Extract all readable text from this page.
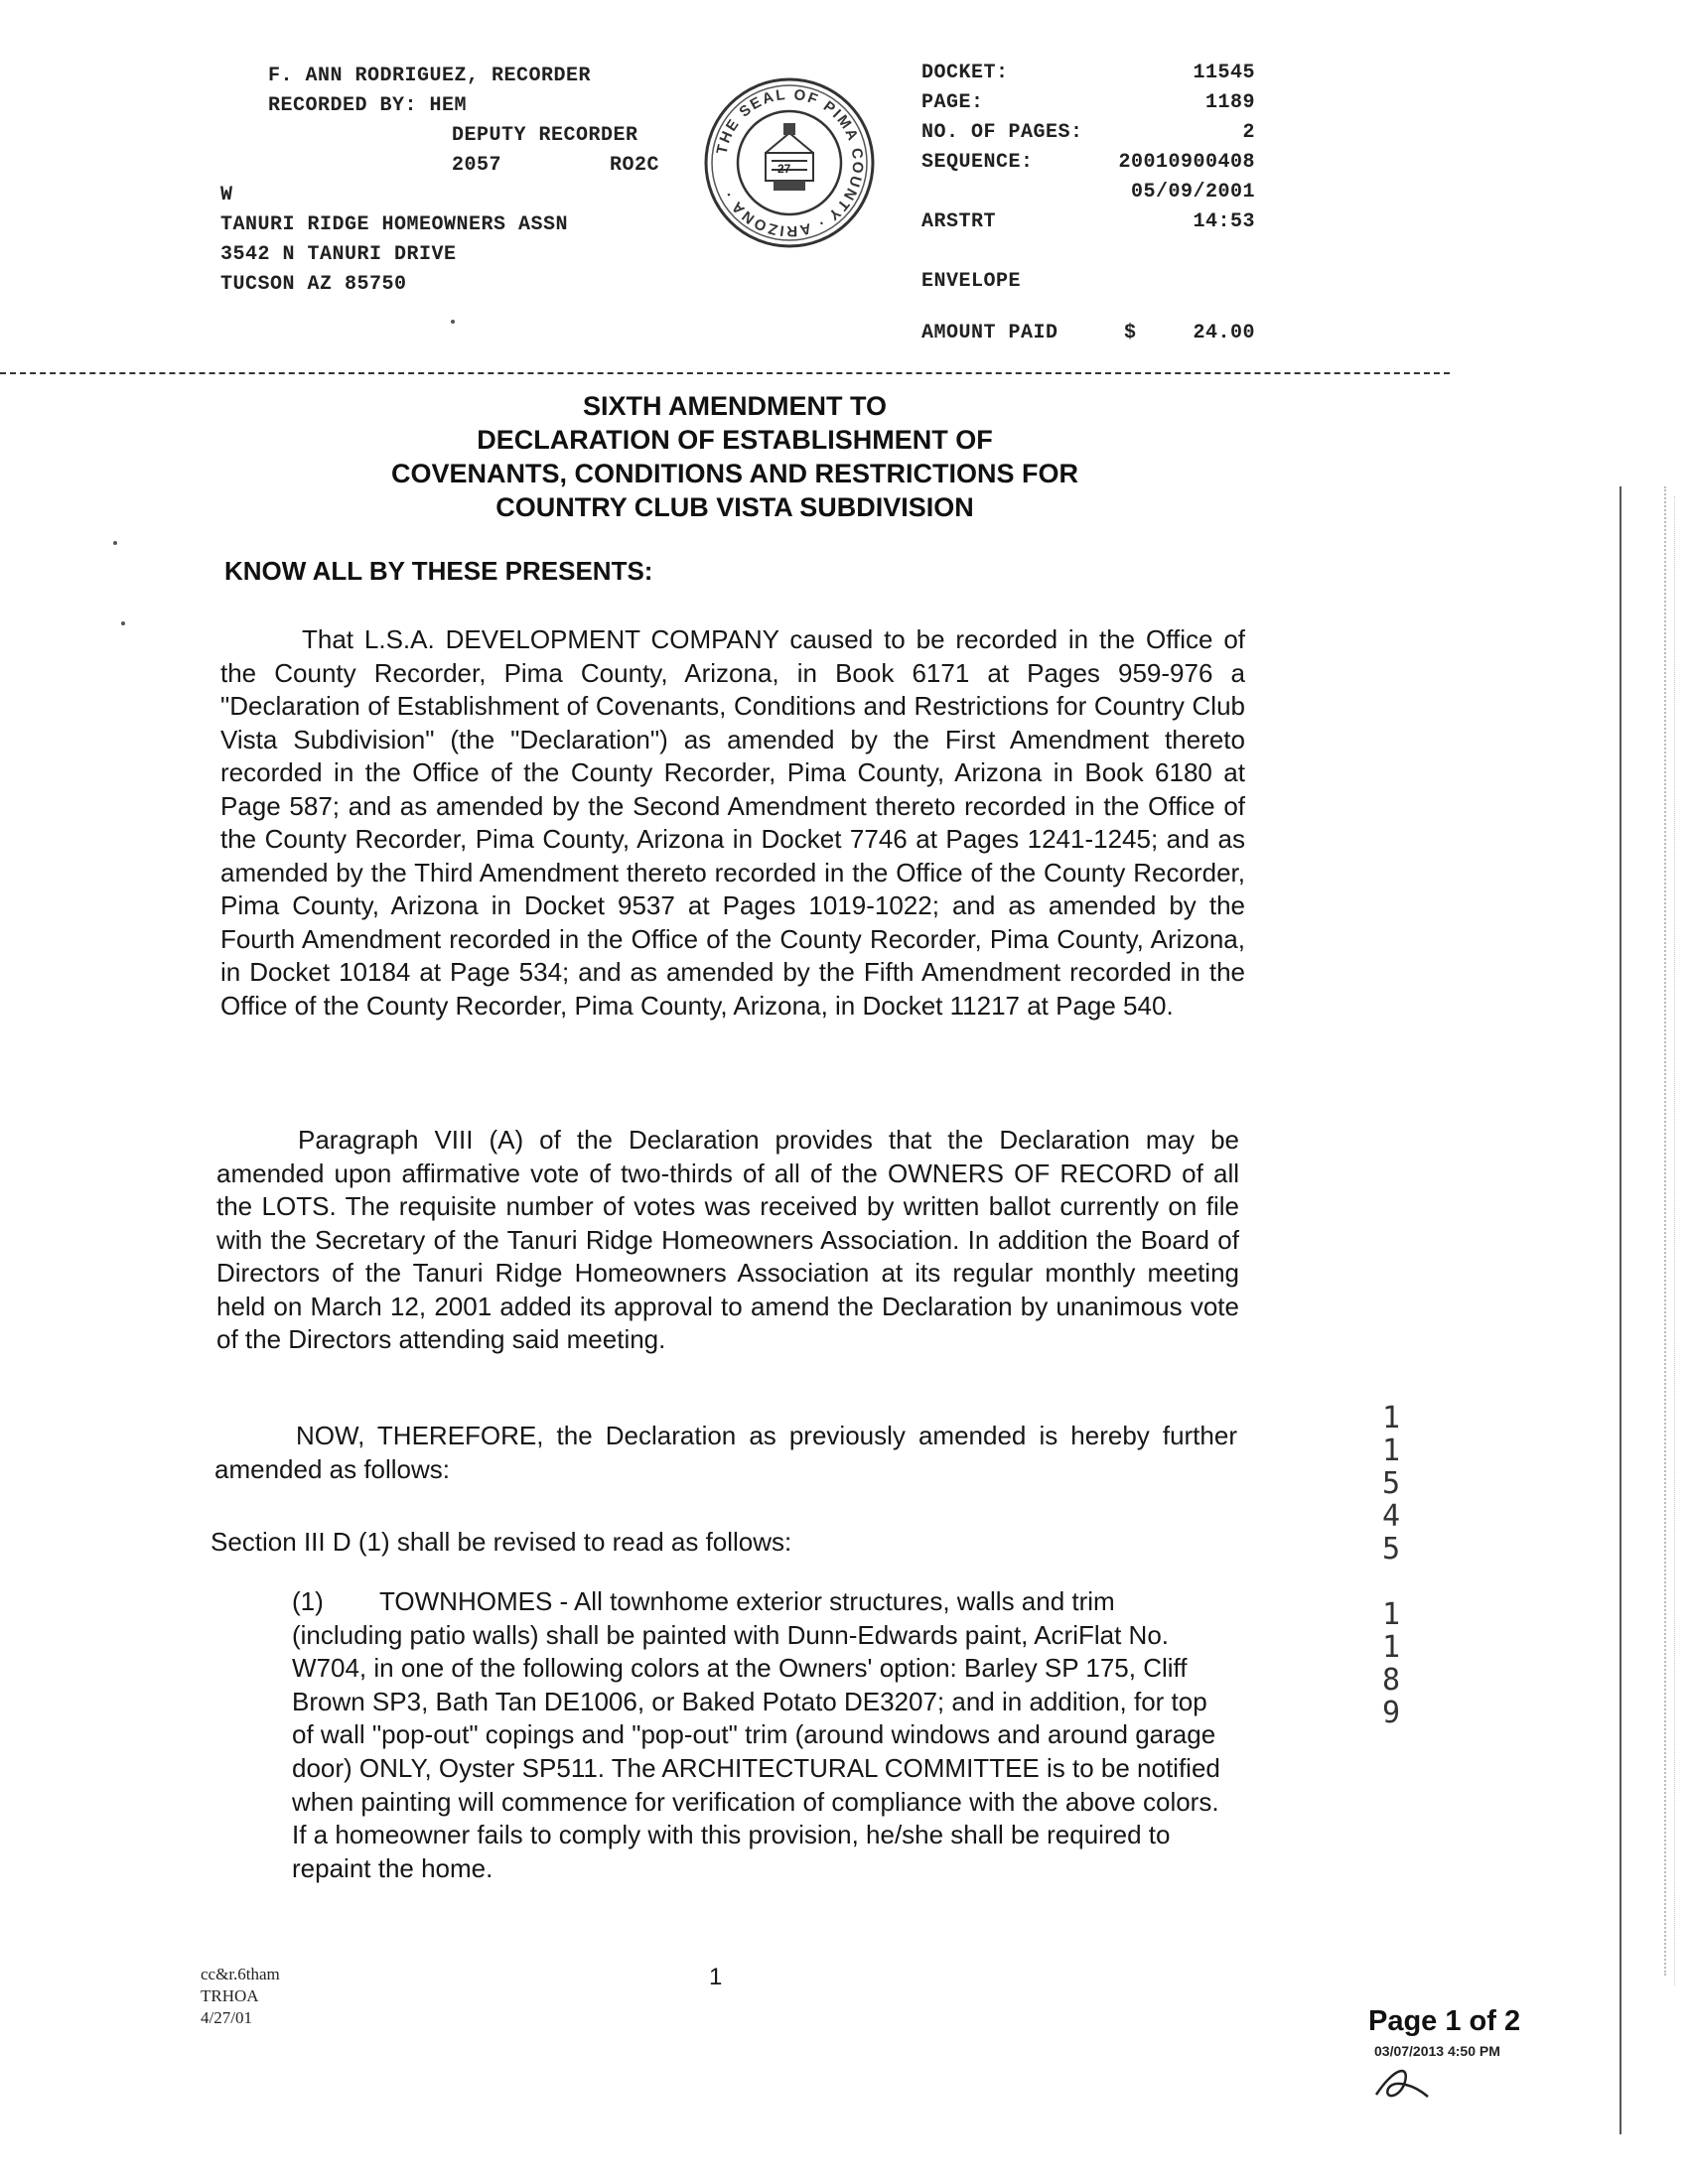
F. ANN RODRIGUEZ, RECORDER
RECORDED BY: HEM
DEPUTY RECORDER
2057	RO2C
W
TANURI RIDGE HOMEOWNERS ASSN
3542 N TANURI DRIVE
TUCSON AZ 85750
THE SEAL OF PIMA COUNTY · ARIZONA ·
27
DOCKET:	11545
PAGE:	1189
NO. OF PAGES:	2
SEQUENCE:	20010900408
05/09/2001
ARSTRT	14:53
ENVELOPE
AMOUNT PAID	$	24.00
SIXTH AMENDMENT TO
DECLARATION OF ESTABLISHMENT OF
COVENANTS, CONDITIONS AND RESTRICTIONS FOR
COUNTRY CLUB VISTA SUBDIVISION
KNOW ALL BY THESE PRESENTS:
That L.S.A. DEVELOPMENT COMPANY caused to be recorded in the Office of the County Recorder, Pima County, Arizona, in Book 6171 at Pages 959-976 a "Declaration of Establishment of Covenants, Conditions and Restrictions for Country Club Vista Subdivision" (the "Declaration") as amended by the First Amendment thereto recorded in the Office of the County Recorder, Pima County, Arizona in Book 6180 at Page 587; and as amended by the Second Amendment thereto recorded in the Office of the County Recorder, Pima County, Arizona in Docket 7746 at Pages 1241-1245; and as amended by the Third Amendment thereto recorded in the Office of the County Recorder, Pima County, Arizona in Docket 9537 at Pages 1019-1022; and as amended by the Fourth Amendment recorded in the Office of the County Recorder, Pima County, Arizona, in Docket 10184 at Page 534; and as amended by the Fifth Amendment recorded in the Office of the County Recorder, Pima County, Arizona, in Docket 11217 at Page 540.
Paragraph VIII (A) of the Declaration provides that the Declaration may be amended upon affirmative vote of two-thirds of all of the OWNERS OF RECORD of all the LOTS. The requisite number of votes was received by written ballot currently on file with the Secretary of the Tanuri Ridge Homeowners Association. In addition the Board of Directors of the Tanuri Ridge Homeowners Association at its regular monthly meeting held on March 12, 2001 added its approval to amend the Declaration by unanimous vote of the Directors attending said meeting.
NOW, THEREFORE, the Declaration as previously amended is hereby further amended as follows:
Section III D (1) shall be revised to read as follows:
(1) TOWNHOMES - All townhome exterior structures, walls and trim (including patio walls) shall be painted with Dunn-Edwards paint, AcriFlat No. W704, in one of the following colors at the Owners' option: Barley SP 175, Cliff Brown SP3, Bath Tan DE1006, or Baked Potato DE3207; and in addition, for top of wall "pop-out" copings and "pop-out" trim (around windows and around garage door) ONLY, Oyster SP511. The ARCHITECTURAL COMMITTEE is to be notified when painting will commence for verification of compliance with the above colors. If a homeowner fails to comply with this provision, he/she shall be required to repaint the home.
1
1
5
4
5

1
1
8
9
cc&r.6tham
TRHOA
4/27/01
1
Page 1 of 2
03/07/2013 4:50 PM
